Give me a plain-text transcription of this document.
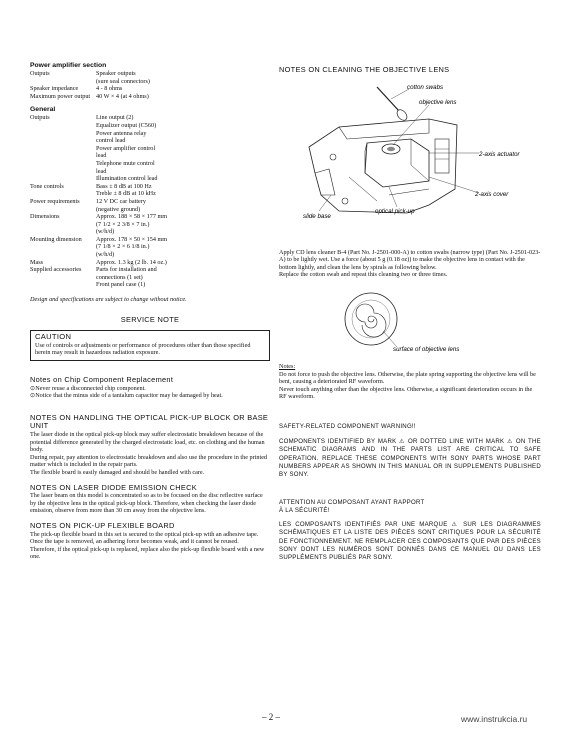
Power amplifier section

Outputs	Speaker outputs
(sure seal connectors)
Speaker impedance	4 - 8 ohms
Maximum power output 40 W × 4 (at 4 ohms)

General

Outputs	Line output (2)
Equalizer output (C560)
Power antenna relay
control lead
Power amplifier control
lead
Telephone mute control
lead
Illumination control lead
Tone controls	Bass ± 8 dB at 100 Hz
Treble ± 8 dB at 10 kHz
Power requirements	12 V DC car battery
(negative ground)
Dimensions	Approx. 188 × 58 × 177 mm
(7 1/2 × 2 3/8 × 7 in.)
(w/h/d)
Mounting dimension	Approx. 178 × 50 × 154 mm
(7 1/8 × 2 × 6 1/8 in.)
(w/h/d)
Mass	Approx. 1.3 kg (2 lb. 14 oz.)
Supplied accessories	Parts for installation and
connections (1 set)
Front panel case (1)

Design and specifications are subject to change without notice.

SERVICE NOTE

CAUTION

Use of controls or adjustments or performance of procedures other than those specified herein may result in hazardous radiation exposure.

Notes on Chip Component Replacement

⊙Never reuse a disconnected chip component.

⊙Notice that the minus side of a tantalum capacitor may be damaged by heat.

NOTES ON HANDLING THE OPTICAL PICK-UP BLOCK OR BASE UNIT

The laser diode in the optical pick-up block may suffer electrostatic breakdown because of the potential difference generated by the charged electrostatic load, etc. on clothing and the human body.

During repair, pay attention to electrostatic breakdown and also use the procedure in the printed matter which is included in the repair parts.

The flexible board is easily damaged and should be handled with care.

NOTES ON LASER DIODE EMISSION CHECK

The laser beam on this model is concentrated so as to be focused on the disc reflective surface by the objective lens in the optical pick-up block. Therefore, when checking the laser diode emission, observe from more than 30 cm away from the objective lens.

NOTES ON PICK-UP FLEXIBLE BOARD

The pick-up flexible board in this set is secured to the optical pick-up with an adhesive tape. Once the tape is removed, an adhering force becomes weak, and it cannot be reused.

Therefore, if the optical pick-up is replaced, replace also the pick-up flexible board with a new one.

NOTES ON CLEANING THE OBJECTIVE LENS

cotton swabs
objective lens
2-axis actuator
2-axis cover
optical pick-up
slide base

Apply CD lens cleaner B-4 (Part No. J-2501-000-A) to cotton swabs (narrow type) (Part No. J-2501-023-A) to be lightly wet. Use a force (about 5 g (0.18 oz)) to make the objective lens in contact with the bottom lightly, and clean the lens by spirals as following below.

Replace the cotton swab and repeat this cleaning two or three times.

surface of objective lens

Notes:

Do not force to push the objective lens. Otherwise, the plate spring supporting the objective lens will be bent, causing a deteriorated RF waveform.

Never touch anything other than the objective lens. Otherwise, a significant deterioration occurs in the RF waveform.

SAFETY-RELATED COMPONENT WARNING!!

COMPONENTS IDENTIFIED BY MARK ⚠ OR DOTTED LINE WITH MARK ⚠ ON THE SCHEMATIC DIAGRAMS AND IN THE PARTS LIST ARE CRITICAL TO SAFE OPERATION. REPLACE THESE COMPONENTS WITH SONY PARTS WHOSE PART NUMBERS APPEAR AS SHOWN IN THIS MANUAL OR IN SUPPLEMENTS PUBLISHED BY SONY.

ATTENTION AU COMPOSANT AYANT RAPPORT

À LA SÉCURITÉ!

LES COMPOSANTS IDENTIFIÉS PAR UNE MARQUE ⚠ SUR LES DIAGRAMMES SCHÉMATIQUES ET LA LISTE DES PIÈCES SONT CRITIQUES POUR LA SÉCURITÉ DE FONCTIONNEMENT. NE REMPLACER CES COMPOSANTS QUE PAR DES PIÈCES SONY DONT LES NUMÉROS SONT DONNÉS DANS CE MANUEL OU DANS LES SUPPLÉMENTS PUBLIÉS PAR SONY.

– 2 –	www.instrukcia.ru
